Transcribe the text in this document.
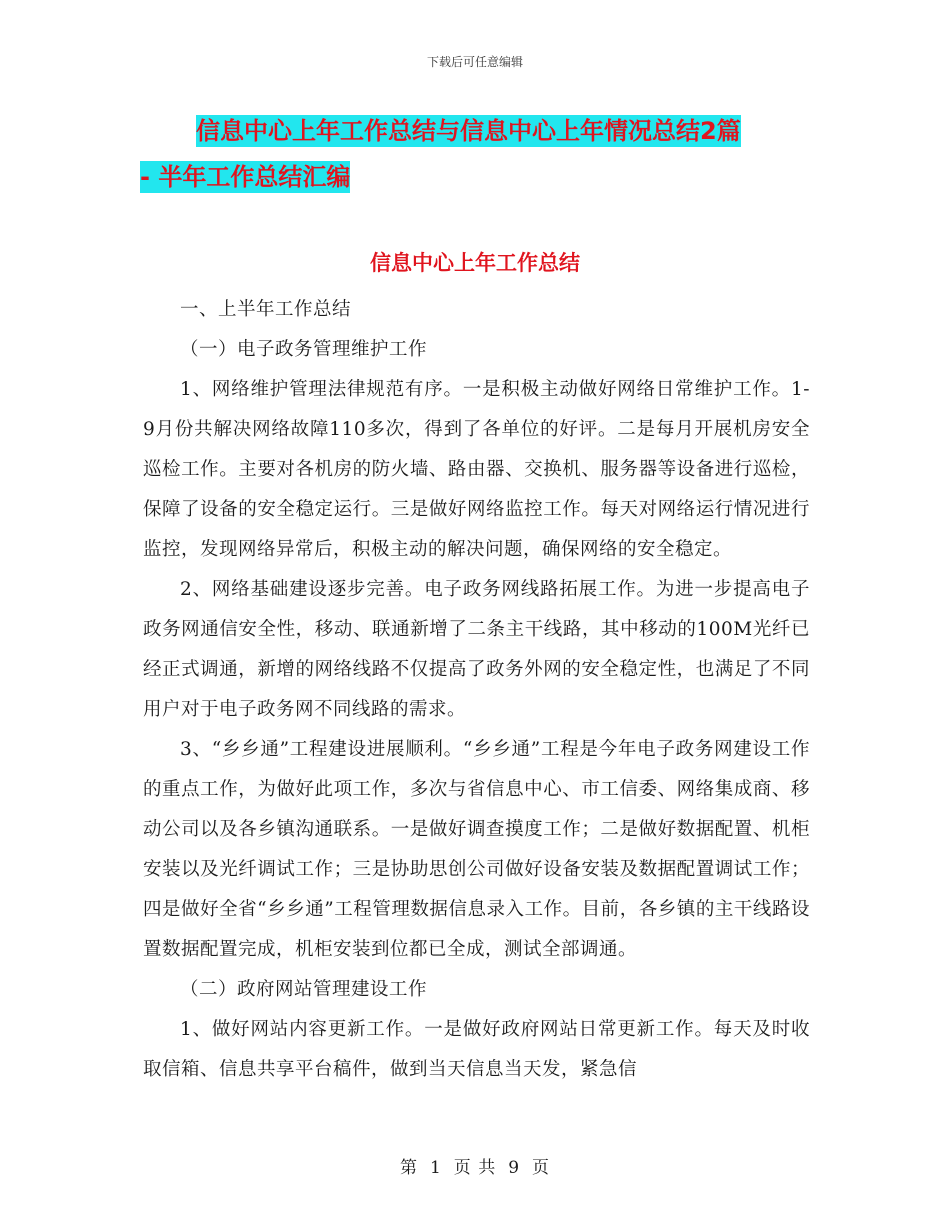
下载后可任意编辑
信息中心上年工作总结与信息中心上年情况总结2篇
- 半年工作总结汇编
信息中心上年工作总结

一、上半年工作总结

（一）电子政务管理维护工作

1、网络维护管理法律规范有序。一是积极主动做好网络日常维护工作。1-9月份共解决网络故障110多次，得到了各单位的好评。二是每月开展机房安全巡检工作。主要对各机房的防火墙、路由器、交换机、服务器等设备进行巡检，保障了设备的安全稳定运行。三是做好网络监控工作。每天对网络运行情况进行监控，发现网络异常后，积极主动的解决问题，确保网络的安全稳定。

2、网络基础建设逐步完善。电子政务网线路拓展工作。为进一步提高电子政务网通信安全性，移动、联通新增了二条主干线路，其中移动的100M光纤已经正式调通，新增的网络线路不仅提高了政务外网的安全稳定性，也满足了不同用户对于电子政务网不同线路的需求。

3、“乡乡通”工程建设进展顺利。“乡乡通”工程是今年电子政务网建设工作的重点工作，为做好此项工作，多次与省信息中心、市工信委、网络集成商、移动公司以及各乡镇沟通联系。一是做好调查摸度工作；二是做好数据配置、机柜安装以及光纤调试工作；三是协助思创公司做好设备安装及数据配置调试工作；四是做好全省“乡乡通”工程管理数据信息录入工作。目前，各乡镇的主干线路设置数据配置完成，机柜安装到位都已全成，测试全部调通。

（二）政府网站管理建设工作

1、做好网站内容更新工作。一是做好政府网站日常更新工作。每天及时收取信箱、信息共享平台稿件，做到当天信息当天发，紧急信

第 1 页 共 9 页
